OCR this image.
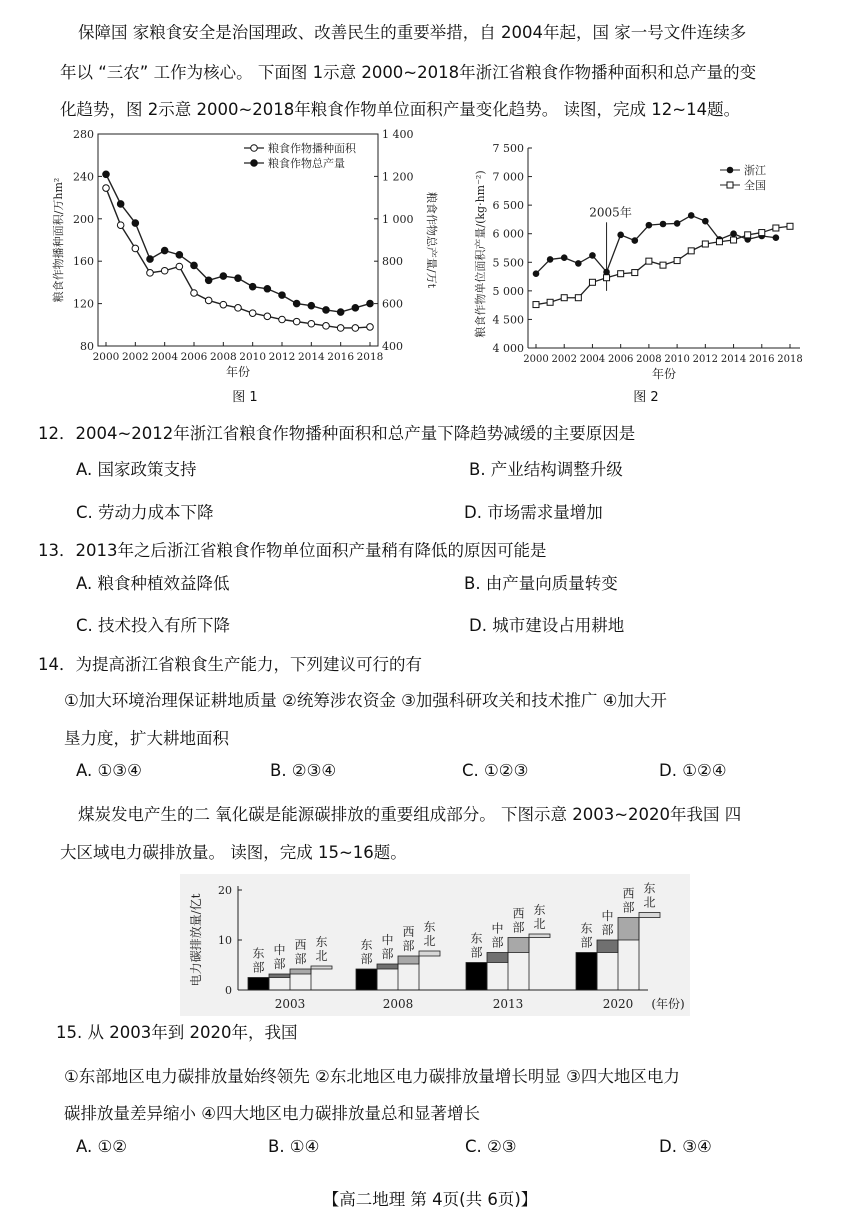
保障国 家粮食安全是治国理政、改善民生的重要举措，自 2004年起，国 家一号文件连续多
年以 “三农” 工作为核心。 下面图 1示意 2000~2018年浙江省粮食作物播种面积和总产量的变
化趋势，图 2示意 2000~2018年粮食作物单位面积产量变化趋势。 读图，完成 12~14题。
80
120
160
200
240
280
400
600
800
1 000
1 200
1 400
2000 2002 2004 2006 2008 2010 2012 2014 2016 2018
年份
粮食作物播种面积/万hm²	粮食作物总产量/万t
粮食作物播种面积
粮食作物总产量
图 1
4 000
4 500
5 000
5 500
6 000
6 500
7 000
7 500
2000 2002 2004 2006 2008 2010 2012 2014 2016 2018
年份
粮食作物单位面积产量/(kg·hm⁻²)	2005年
浙江
全国
图 2
12．2004~2012年浙江省粮食作物播种面积和总产量下降趋势减缓的主要原因是
A. 国家政策支持	B. 产业结构调整升级
C. 劳动力成本下降	D. 市场需求量增加
13．2013年之后浙江省粮食作物单位面积产量稍有降低的原因可能是
A. 粮食种植效益降低	B. 由产量向质量转变
C. 技术投入有所下降	D. 城市建设占用耕地
14．为提高浙江省粮食生产能力，下列建议可行的有
①加大环境治理保证耕地质量 ②统筹涉农资金 ③加强科研攻关和技术推广 ④加大开
垦力度，扩大耕地面积
A. ①③④	B. ②③④	C. ①②③	D. ①②④
煤炭发电产生的二 氧化碳是能源碳排放的重要组成部分。 下图示意 2003~2020年我国 四
大区域电力碳排放量。 读图，完成 15~16题。
0
10
20
电力碳排放量/亿t	东
部
中
部
西
部
东
北
2003
东
部
中
部
西
部
东
北
2008
东
部
中
部
西
部
东
北
2013
东
部
中
部
西
部
东
北
2020 (年份)
15. 从 2003年到 2020年，我国
①东部地区电力碳排放量始终领先 ②东北地区电力碳排放量增长明显 ③四大地区电力
碳排放量差异缩小 ④四大地区电力碳排放量总和显著增长
A. ①②	B. ①④	C. ②③	D. ③④
【高二地理 第 4页(共 6页)】
